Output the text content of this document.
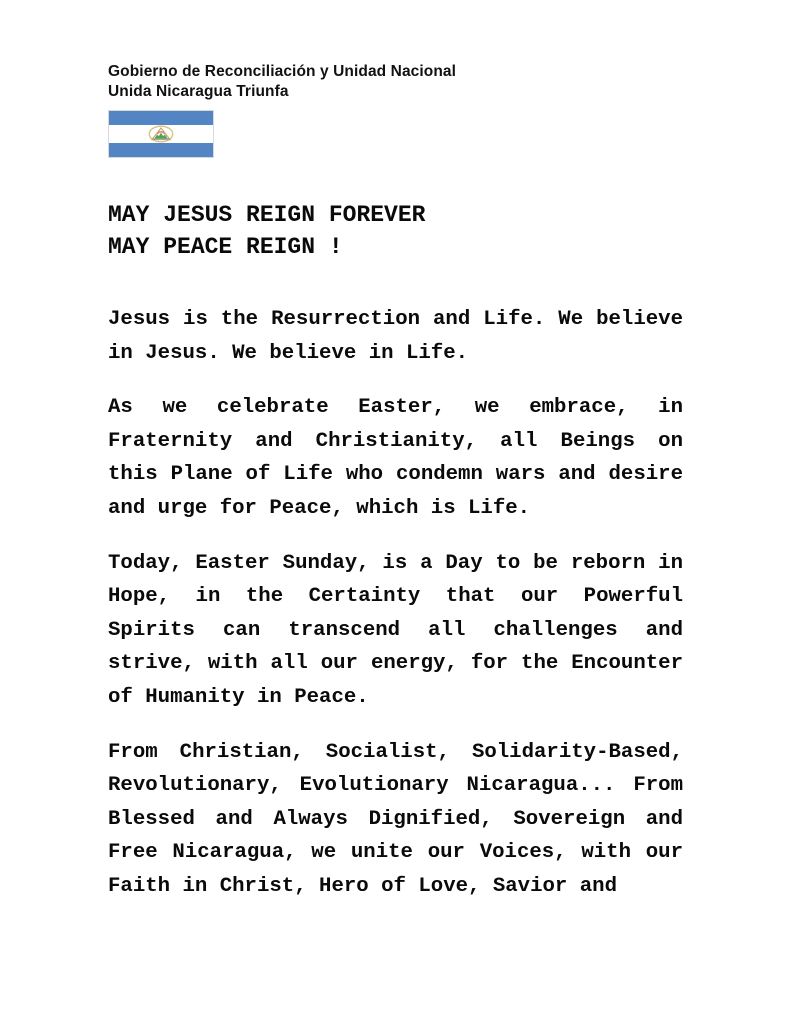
Gobierno de Reconciliación y Unidad Nacional
Unida Nicaragua Triunfa
MAY JESUS REIGN FOREVER
MAY PEACE REIGN !
Jesus is the Resurrection and Life. We believe
in Jesus. We believe in Life.
As we celebrate Easter, we embrace, in
Fraternity and Christianity, all Beings on
this Plane of Life who condemn wars and desire
and urge for Peace, which is Life.
Today, Easter Sunday, is a Day to be reborn in
Hope, in the Certainty that our Powerful
Spirits can transcend all challenges and
strive, with all our energy, for the Encounter
of Humanity in Peace.
From Christian, Socialist, Solidarity-Based,
Revolutionary, Evolutionary Nicaragua... From
Blessed and Always Dignified, Sovereign and
Free Nicaragua, we unite our Voices, with our
Faith in Christ, Hero of Love, Savior and
